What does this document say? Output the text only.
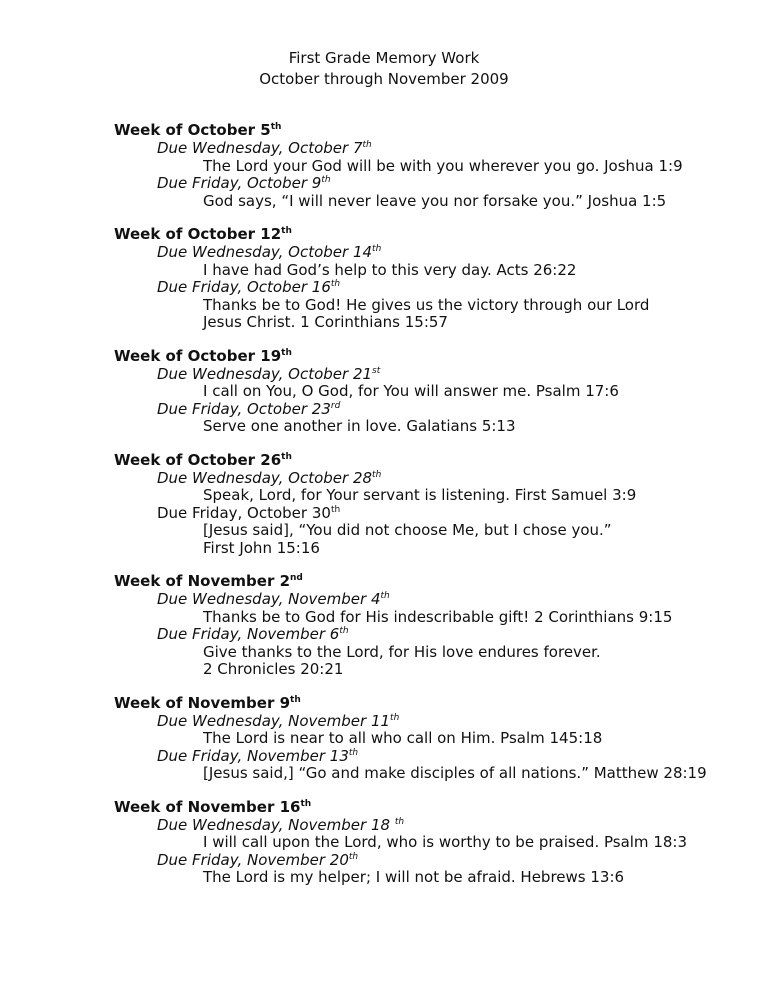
First Grade Memory Work
October through November 2009
Week of October 5th
Due Wednesday, October 7th
The Lord your God will be with you wherever you go. Joshua 1:9
Due Friday, October 9th
God says, “I will never leave you nor forsake you.” Joshua 1:5
Week of October 12th
Due Wednesday, October 14th
I have had God’s help to this very day. Acts 26:22
Due Friday, October 16th
Thanks be to God! He gives us the victory through our Lord
Jesus Christ. 1 Corinthians 15:57
Week of October 19th
Due Wednesday, October 21st
I call on You, O God, for You will answer me. Psalm 17:6
Due Friday, October 23rd
Serve one another in love. Galatians 5:13
Week of October 26th
Due Wednesday, October 28th
Speak, Lord, for Your servant is listening. First Samuel 3:9
Due Friday, October 30th
[Jesus said], “You did not choose Me, but I chose you.”
First John 15:16
Week of November 2nd
Due Wednesday, November 4th
Thanks be to God for His indescribable gift! 2 Corinthians 9:15
Due Friday, November 6th
Give thanks to the Lord, for His love endures forever.
2 Chronicles 20:21
Week of November 9th
Due Wednesday, November 11th
The Lord is near to all who call on Him. Psalm 145:18
Due Friday, November 13th
[Jesus said,] “Go and make disciples of all nations.” Matthew 28:19
Week of November 16th
Due Wednesday, November 18 $^{th}$
I will call upon the Lord, who is worthy to be praised. Psalm 18:3
Due Friday, November 20th
The Lord is my helper; I will not be afraid. Hebrews 13:6
